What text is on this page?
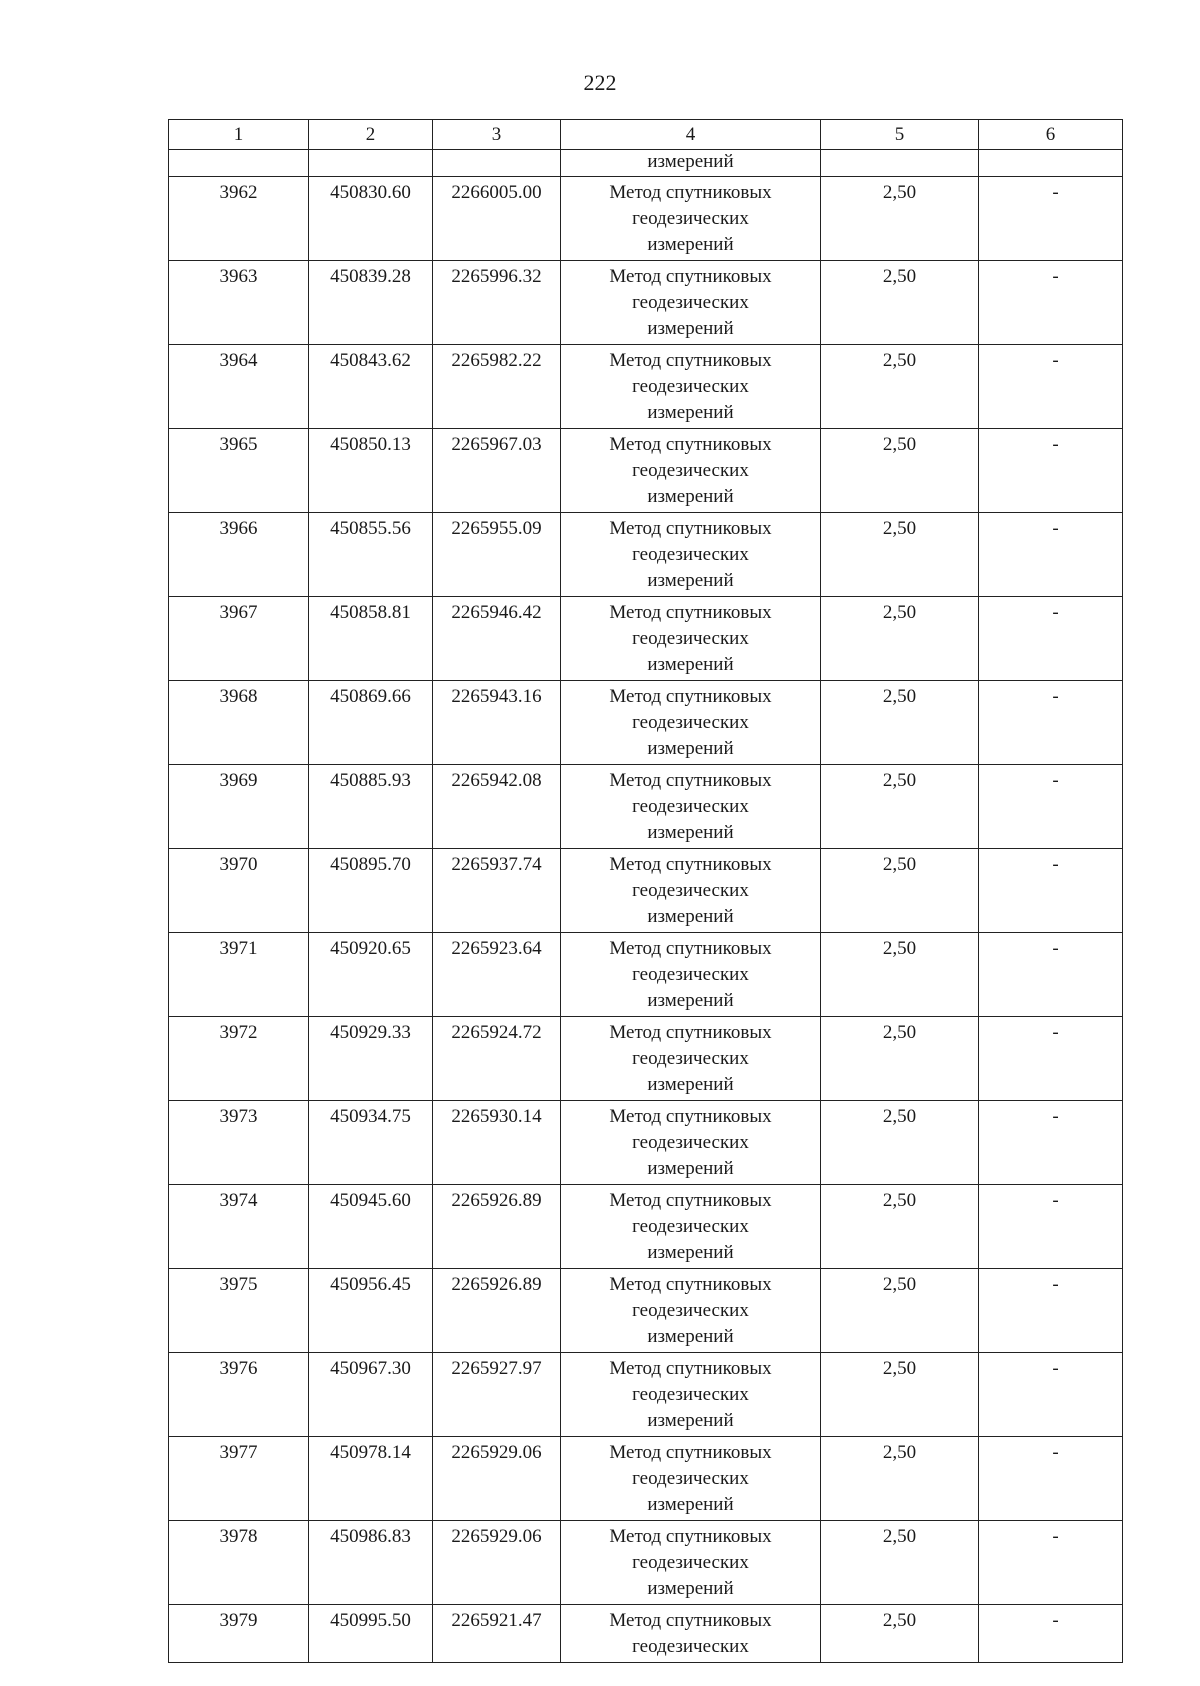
222
1	2	3	4	5	6
			измерений		
3962	450830.60	2266005.00	Метод спутниковых
геодезических
измерений	2,50	-
3963	450839.28	2265996.32	Метод спутниковых
геодезических
измерений	2,50	-
3964	450843.62	2265982.22	Метод спутниковых
геодезических
измерений	2,50	-
3965	450850.13	2265967.03	Метод спутниковых
геодезических
измерений	2,50	-
3966	450855.56	2265955.09	Метод спутниковых
геодезических
измерений	2,50	-
3967	450858.81	2265946.42	Метод спутниковых
геодезических
измерений	2,50	-
3968	450869.66	2265943.16	Метод спутниковых
геодезических
измерений	2,50	-
3969	450885.93	2265942.08	Метод спутниковых
геодезических
измерений	2,50	-
3970	450895.70	2265937.74	Метод спутниковых
геодезических
измерений	2,50	-
3971	450920.65	2265923.64	Метод спутниковых
геодезических
измерений	2,50	-
3972	450929.33	2265924.72	Метод спутниковых
геодезических
измерений	2,50	-
3973	450934.75	2265930.14	Метод спутниковых
геодезических
измерений	2,50	-
3974	450945.60	2265926.89	Метод спутниковых
геодезических
измерений	2,50	-
3975	450956.45	2265926.89	Метод спутниковых
геодезических
измерений	2,50	-
3976	450967.30	2265927.97	Метод спутниковых
геодезических
измерений	2,50	-
3977	450978.14	2265929.06	Метод спутниковых
геодезических
измерений	2,50	-
3978	450986.83	2265929.06	Метод спутниковых
геодезических
измерений	2,50	-
3979	450995.50	2265921.47	Метод спутниковых
геодезических	2,50	-
